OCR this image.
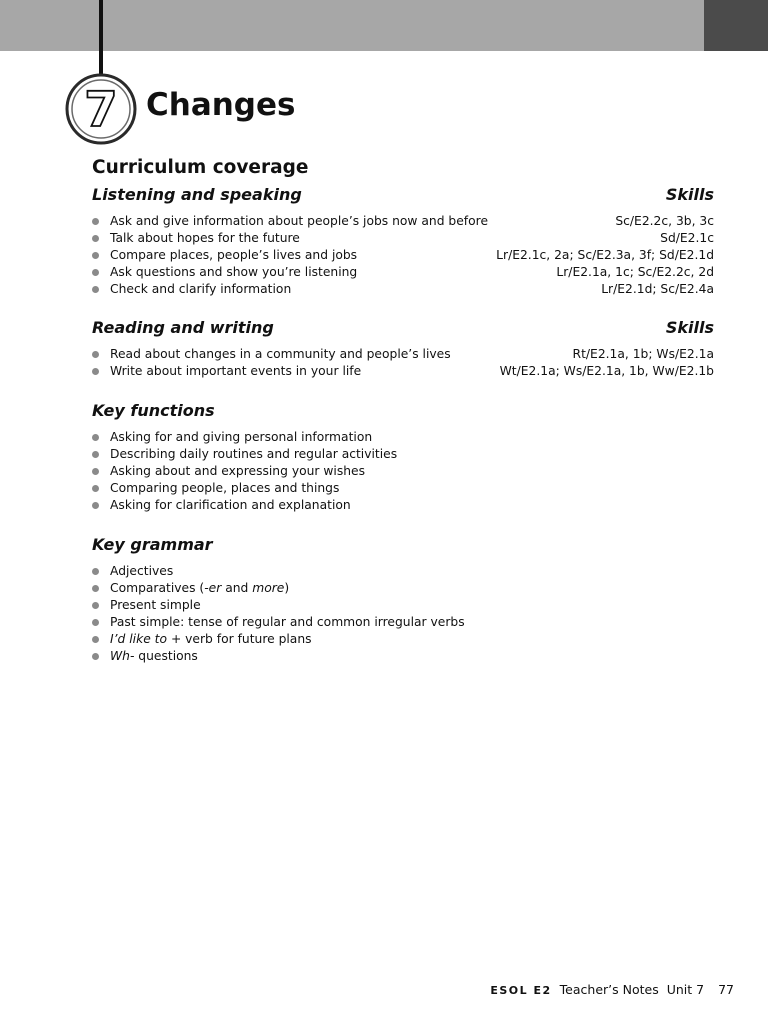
7 Changes
Curriculum coverage
Listening and speaking	Skills
Ask and give information about people’s jobs now and before	Sc/E2.2c, 3b, 3c
Talk about hopes for the future	Sd/E2.1c
Compare places, people’s lives and jobs	Lr/E2.1c, 2a; Sc/E2.3a, 3f; Sd/E2.1d
Ask questions and show you’re listening	Lr/E2.1a, 1c; Sc/E2.2c, 2d
Check and clarify information	Lr/E2.1d; Sc/E2.4a
Reading and writing	Skills
Read about changes in a community and people’s lives	Rt/E2.1a, 1b; Ws/E2.1a
Write about important events in your life	Wt/E2.1a; Ws/E2.1a, 1b, Ww/E2.1b
Key functions
Asking for and giving personal information
Describing daily routines and regular activities
Asking about and expressing your wishes
Comparing people, places and things
Asking for clarification and explanation
Key grammar
Adjectives
Comparatives (-er and more)
Present simple
Past simple: tense of regular and common irregular verbs
I’d like to + verb for future plans
Wh- questions
ESOL E2 Teacher’s Notes Unit 7 77
